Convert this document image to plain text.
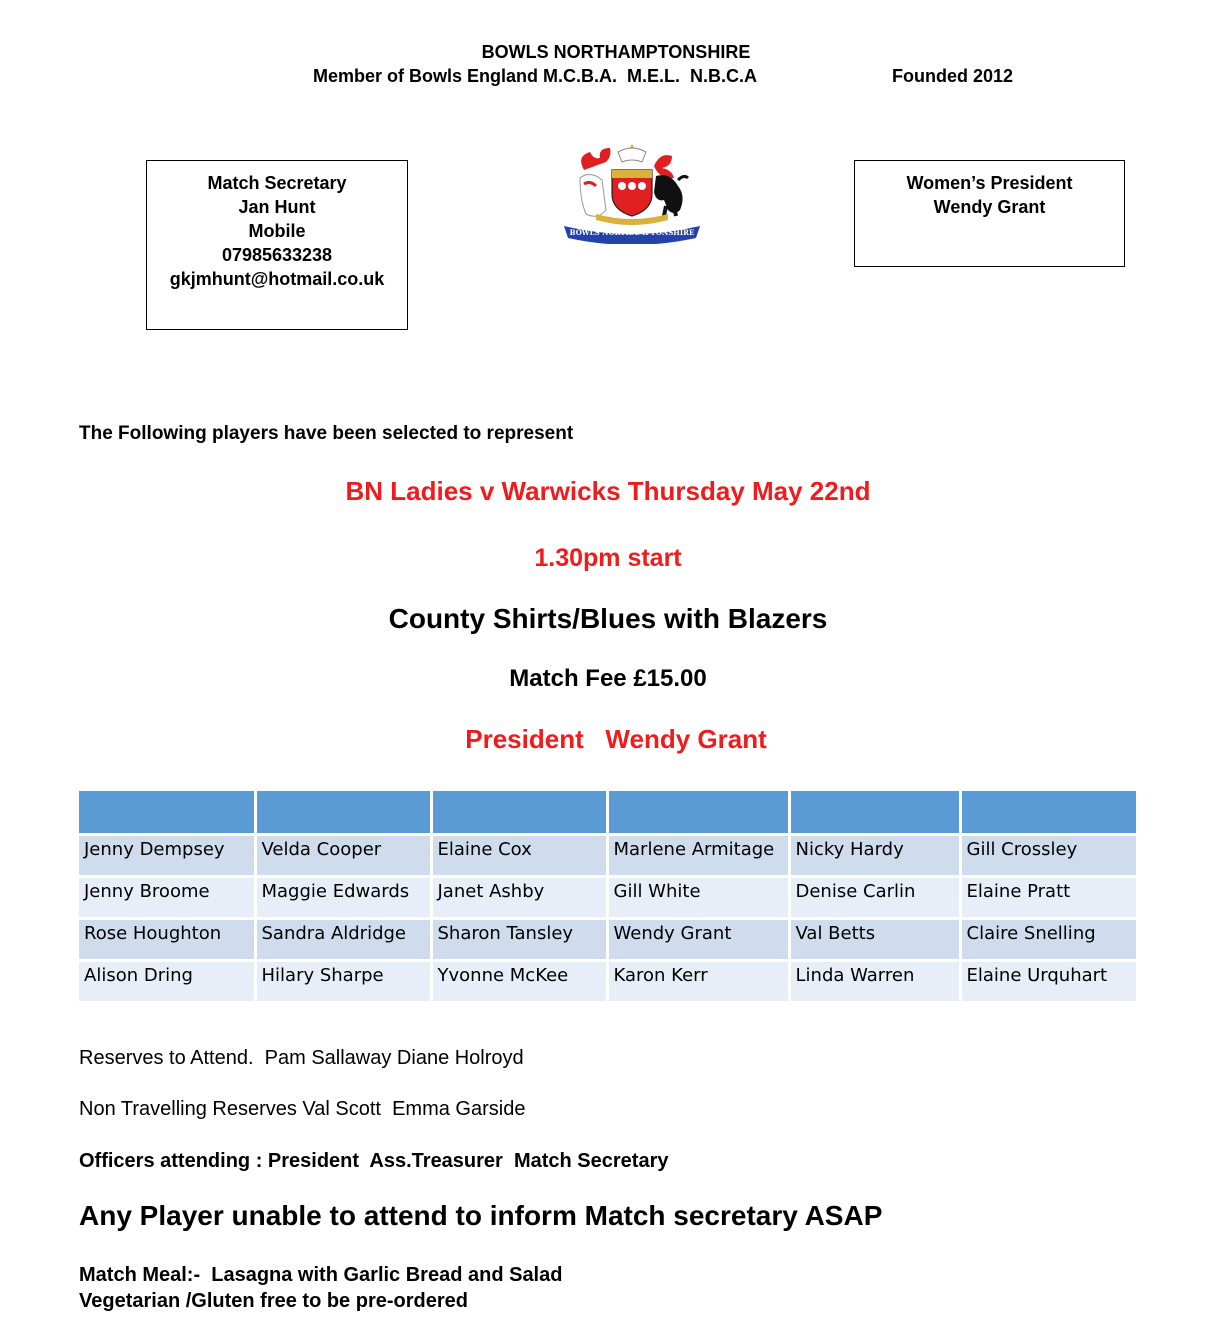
BOWLS NORTHAMPTONSHIRE
Member of Bowls England M.C.B.A.  M.E.L.  N.B.C.A	Founded 2012
Match Secretary
Jan Hunt
Mobile
07985633238
gkjmhunt@hotmail.co.uk
BOWLS NORTHAMPTONSHIRE
Women’s President
Wendy Grant
The Following players have been selected to represent
BN Ladies v Warwicks Thursday May 22nd
1.30pm start
County Shirts/Blues with Blazers
Match Fee £15.00
President Wendy Grant

Jenny Dempsey	Velda Cooper	Elaine Cox	Marlene Armitage	Nicky Hardy	Gill Crossley
Jenny Broome	Maggie Edwards	Janet Ashby	Gill White	Denise Carlin	Elaine Pratt
Rose Houghton	Sandra Aldridge	Sharon Tansley	Wendy Grant	Val Betts	Claire Snelling
Alison Dring	Hilary Sharpe	Yvonne McKee	Karon Kerr	Linda Warren	Elaine Urquhart
Reserves to Attend.  Pam Sallaway Diane Holroyd
Non Travelling Reserves Val Scott  Emma Garside
Officers attending : President  Ass.Treasurer  Match Secretary
Any Player unable to attend to inform Match secretary ASAP
Match Meal:-  Lasagna with Garlic Bread and Salad
Vegetarian /Gluten free to be pre-ordered
